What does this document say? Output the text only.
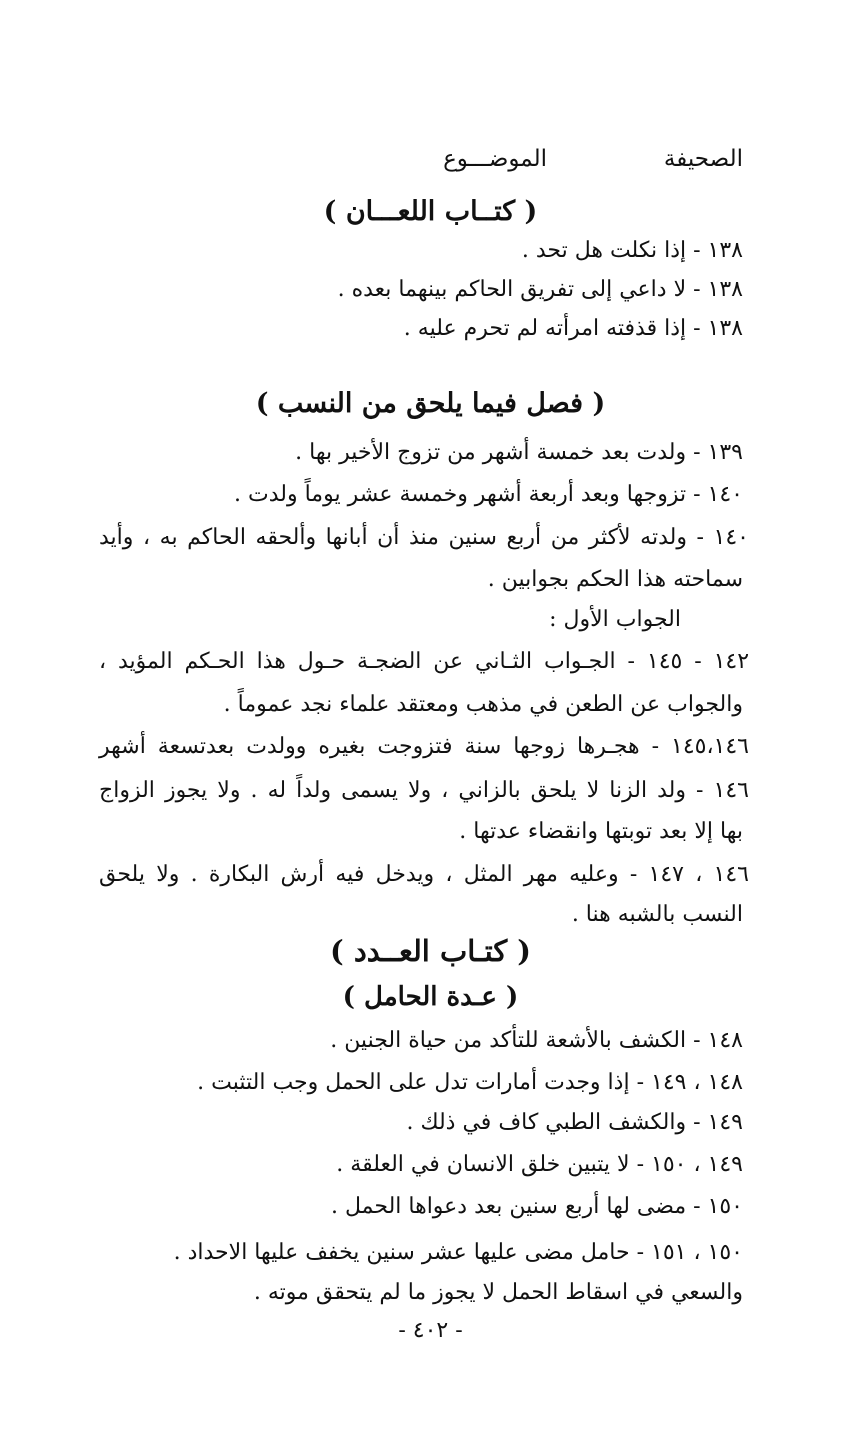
الصحيفة
الموضـــوع
( كتــاب اللعـــان )
١٣٨ - إذا نكلت هل تحد .
١٣٨ - لا داعي إلى تفريق الحاكم بينهما بعده .
١٣٨ - إذا قذفته امرأته لم تحرم عليه .
( فصل فيما يلحق من النسب )
١٣٩ - ولدت بعد خمسة أشهر من تزوج الأخير بها .
١٤٠ - تزوجها وبعد أربعة أشهر وخمسة عشر يوماً ولدت .
١٤٠ - ولدته لأكثر من أربع سنين منذ أن أبانها وألحقه الحاكم به ، وأيد
سماحته هذا الحكم بجوابين .
الجواب الأول :
١٤٢ - ١٤٥ - الجـواب الثـاني عن الضجـة حـول هذا الحـكم المؤيد ،
والجواب عن الطعن في مذهب ومعتقد علماء نجد عموماً .
١٤٥،١٤٦ - هجـرها زوجها سنة فتزوجت بغيره وولدت بعدتسعة أشهر
١٤٦ - ولد الزنا لا يلحق بالزاني ، ولا يسمى ولداً له . ولا يجوز الزواج
بها إلا بعد توبتها وانقضاء عدتها .
١٤٦ ، ١٤٧ - وعليه مهر المثل ، ويدخل فيه أرش البكارة . ولا يلحق
النسب بالشبه هنا .
( كتـاب العــدد )
( عـدة الحامل )
١٤٨ - الكشف بالأشعة للتأكد من حياة الجنين .
١٤٨ ، ١٤٩ - إذا وجدت أمارات تدل على الحمل وجب التثبت .
١٤٩ - والكشف الطبي كاف في ذلك .
١٤٩ ، ١٥٠ - لا يتبين خلق الانسان في العلقة .
١٥٠ - مضى لها أربع سنين بعد دعواها الحمل .
١٥٠ ، ١٥١ - حامل مضى عليها عشر سنين يخفف عليها الاحداد .
والسعي في اسقاط الحمل لا يجوز ما لم يتحقق موته .
- ٤٠٢ -
